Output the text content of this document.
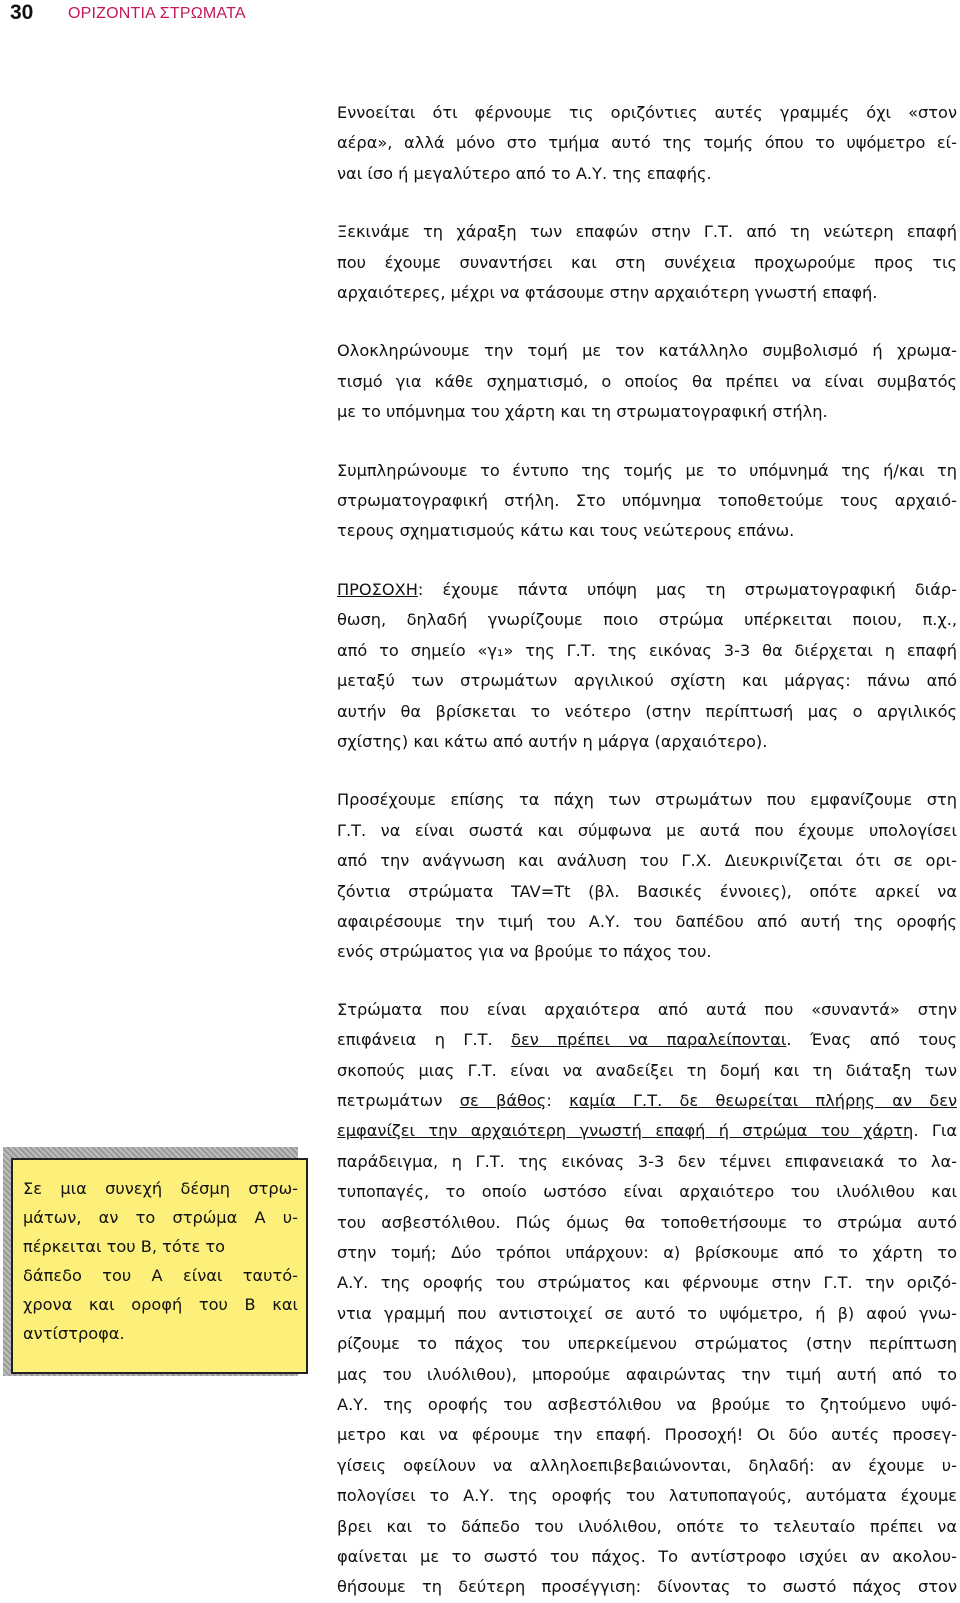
30 ΟΡΙΖΟΝΤΙΑ ΣΤΡΩΜΑΤΑ

Εννοείται ότι φέρνουμε τις οριζόντιες αυτές γραμμές όχι «στον
αέρα», αλλά μόνο στο τμήμα αυτό της τομής όπου το υψόμετρο εί-
ναι ίσο ή μεγαλύτερο από το Α.Υ. της επαφής.

Ξεκινάμε τη χάραξη των επαφών στην Γ.Τ. από τη νεώτερη επαφή
που έχουμε συναντήσει και στη συνέχεια προχωρούμε προς τις
αρχαιότερες, μέχρι να φτάσουμε στην αρχαιότερη γνωστή επαφή.

Ολοκληρώνουμε την τομή με τον κατάλληλο συμβολισμό ή χρωμα-
τισμό για κάθε σχηματισμό, ο οποίος θα πρέπει να είναι συμβατός
με το υπόμνημα του χάρτη και τη στρωματογραφική στήλη.

Συμπληρώνουμε το έντυπο της τομής με το υπόμνημά της ή/και τη
στρωματογραφική στήλη. Στο υπόμνημα τοποθετούμε τους αρχαιό-
τερους σχηματισμούς κάτω και τους νεώτερους επάνω.

ΠΡΟΣΟΧΗ: έχουμε πάντα υπόψη μας τη στρωματογραφική διάρ-
θωση, δηλαδή γνωρίζουμε ποιο στρώμα υπέρκειται ποιου, π.χ.,
από το σημείο «γ₁» της Γ.Τ. της εικόνας 3-3 θα διέρχεται η επαφή
μεταξύ των στρωμάτων αργιλικού σχίστη και μάργας: πάνω από
αυτήν θα βρίσκεται το νεότερο (στην περίπτωσή μας ο αργιλικός
σχίστης) και κάτω από αυτήν η μάργα (αρχαιότερο).

Προσέχουμε επίσης τα πάχη των στρωμάτων που εμφανίζουμε στη
Γ.Τ. να είναι σωστά και σύμφωνα με αυτά που έχουμε υπολογίσει
από την ανάγνωση και ανάλυση του Γ.Χ. Διευκρινίζεται ότι σε ορι-
ζόντια στρώματα TAV=Tt (βλ. Βασικές έννοιες), οπότε αρκεί να
αφαιρέσουμε την τιμή του Α.Υ. του δαπέδου από αυτή της οροφής
ενός στρώματος για να βρούμε το πάχος του.

Στρώματα που είναι αρχαιότερα από αυτά που «συναντά» στην
επιφάνεια η Γ.Τ. δεν πρέπει να παραλείπονται. Ένας από τους
σκοπούς μιας Γ.Τ. είναι να αναδείξει τη δομή και τη διάταξη των
πετρωμάτων σε βάθος: καμία Γ.Τ. δε θεωρείται πλήρης αν δεν
εμφανίζει την αρχαιότερη γνωστή επαφή ή στρώμα του χάρτη. Για
παράδειγμα, η Γ.Τ. της εικόνας 3-3 δεν τέμνει επιφανειακά το λα-
τυποπαγές, το οποίο ωστόσο είναι αρχαιότερο του ιλυόλιθου και
του ασβεστόλιθου. Πώς όμως θα τοποθετήσουμε το στρώμα αυτό
στην τομή; Δύο τρόποι υπάρχουν: α) βρίσκουμε από το χάρτη το
Α.Υ. της οροφής του στρώματος και φέρνουμε στην Γ.Τ. την οριζό-
ντια γραμμή που αντιστοιχεί σε αυτό το υψόμετρο, ή β) αφού γνω-
ρίζουμε το πάχος του υπερκείμενου στρώματος (στην περίπτωση
μας του ιλυόλιθου), μπορούμε αφαιρώντας την τιμή αυτή από το
Α.Υ. της οροφής του ασβεστόλιθου να βρούμε το ζητούμενο υψό-
μετρο και να φέρουμε την επαφή. Προσοχή! Οι δύο αυτές προσεγ-
γίσεις οφείλουν να αλληλοεπιβεβαιώνονται, δηλαδή: αν έχουμε υ-
πολογίσει το Α.Υ. της οροφής του λατυποπαγούς, αυτόματα έχουμε
βρει και το δάπεδο του ιλυόλιθου, οπότε το τελευταίο πρέπει να
φαίνεται με το σωστό του πάχος. Το αντίστροφο ισχύει αν ακολου-
θήσουμε τη δεύτερη προσέγγιση: δίνοντας το σωστό πάχος στον

Σε μια συνεχή δέσμη στρω-
μάτων, αν το στρώμα Α υ-
πέρκειται του Β, τότε το
δάπεδο του Α είναι ταυτό-
χρονα και οροφή του Β και
αντίστροφα.
